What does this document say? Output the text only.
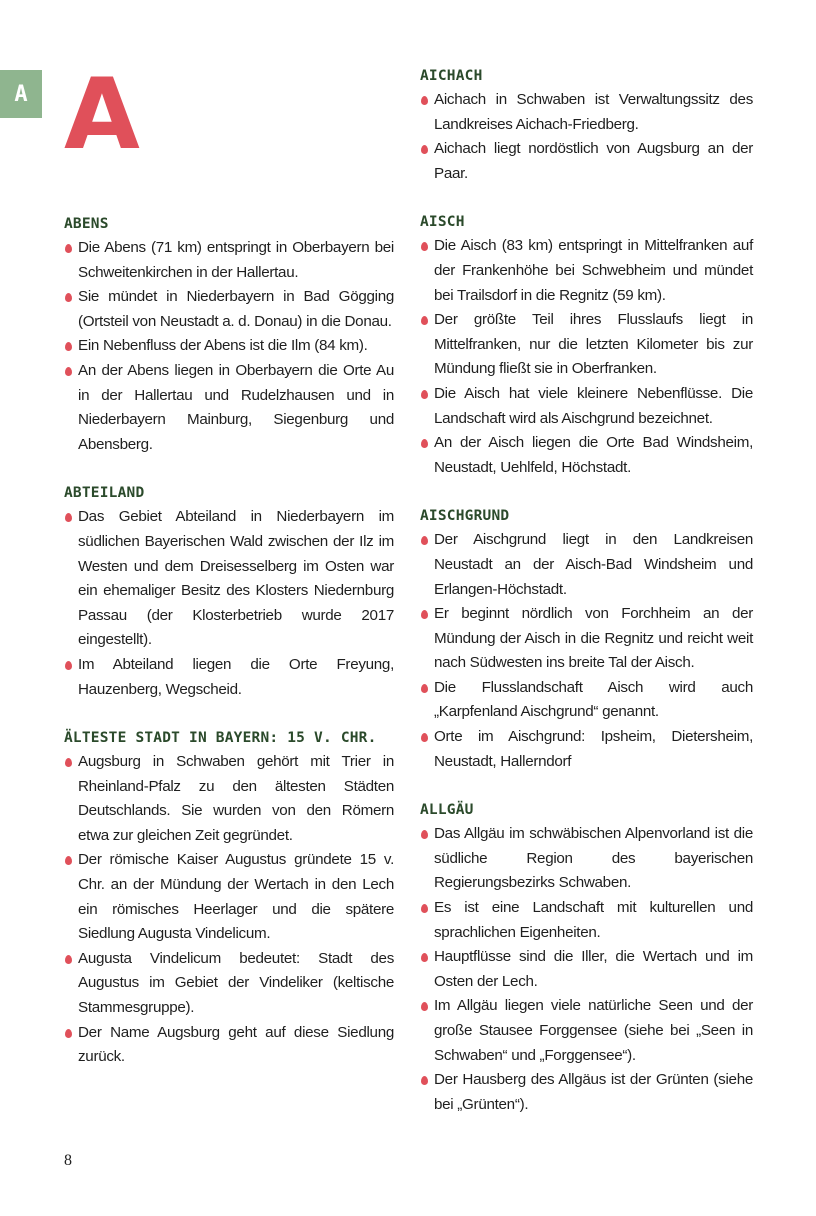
A A
ABENS
Die Abens (71 km) entspringt in Oberbayern bei Schweitenkirchen in der Hallertau.
Sie mündet in Niederbayern in Bad Gögging (Ortsteil von Neustadt a. d. Donau) in die Donau.
Ein Nebenfluss der Abens ist die Ilm (84 km).
An der Abens liegen in Oberbayern die Orte Au in der Hallertau und Rudelzhausen und in Niederbayern Mainburg, Siegenburg und Abensberg.
ABTEILAND
Das Gebiet Abteiland in Niederbayern im südlichen Bayerischen Wald zwischen der Ilz im Westen und dem Dreisesselberg im Osten war ein ehemaliger Besitz des Klosters Niedernburg Passau (der Klosterbetrieb wurde 2017 eingestellt).
Im Abteiland liegen die Orte Freyung, Hauzenberg, Wegscheid.
ÄLTESTE STADT IN BAYERN: 15 V. CHR.
Augsburg in Schwaben gehört mit Trier in Rheinland-Pfalz zu den ältesten Städten Deutschlands. Sie wurden von den Römern etwa zur gleichen Zeit gegründet.
Der römische Kaiser Augustus gründete 15 v. Chr. an der Mündung der Wertach in den Lech ein römisches Heerlager und die spätere Siedlung Augusta Vindelicum.
Augusta Vindelicum bedeutet: Stadt des Augustus im Gebiet der Vindeliker (keltische Stammesgruppe).
Der Name Augsburg geht auf diese Siedlung zurück.
AICHACH
Aichach in Schwaben ist Verwaltungssitz des Landkreises Aichach-Friedberg.
Aichach liegt nordöstlich von Augsburg an der Paar.
AISCH
Die Aisch (83 km) entspringt in Mittelfranken auf der Frankenhöhe bei Schwebheim und mündet bei Trailsdorf in die Regnitz (59 km).
Der größte Teil ihres Flusslaufs liegt in Mittelfranken, nur die letzten Kilometer bis zur Mündung fließt sie in Oberfranken.
Die Aisch hat viele kleinere Nebenflüsse. Die Landschaft wird als Aischgrund bezeichnet.
An der Aisch liegen die Orte Bad Windsheim, Neustadt, Uehlfeld, Höchstadt.
AISCHGRUND
Der Aischgrund liegt in den Landkreisen Neustadt an der Aisch-Bad Windsheim und Erlangen-Höchstadt.
Er beginnt nördlich von Forchheim an der Mündung der Aisch in die Regnitz und reicht weit nach Südwesten ins breite Tal der Aisch.
Die Flusslandschaft Aisch wird auch „Karpfenland Aischgrund“ genannt.
Orte im Aischgrund: Ipsheim, Dietersheim, Neustadt, Hallerndorf
ALLGÄU
Das Allgäu im schwäbischen Alpenvorland ist die südliche Region des bayerischen Regierungsbezirks Schwaben.
Es ist eine Landschaft mit kulturellen und sprachlichen Eigenheiten.
Hauptflüsse sind die Iller, die Wertach und im Osten der Lech.
Im Allgäu liegen viele natürliche Seen und der große Stausee Forggensee (siehe bei „Seen in Schwaben“ und „Forggensee“).
Der Hausberg des Allgäus ist der Grünten (siehe bei „Grünten“).
8
